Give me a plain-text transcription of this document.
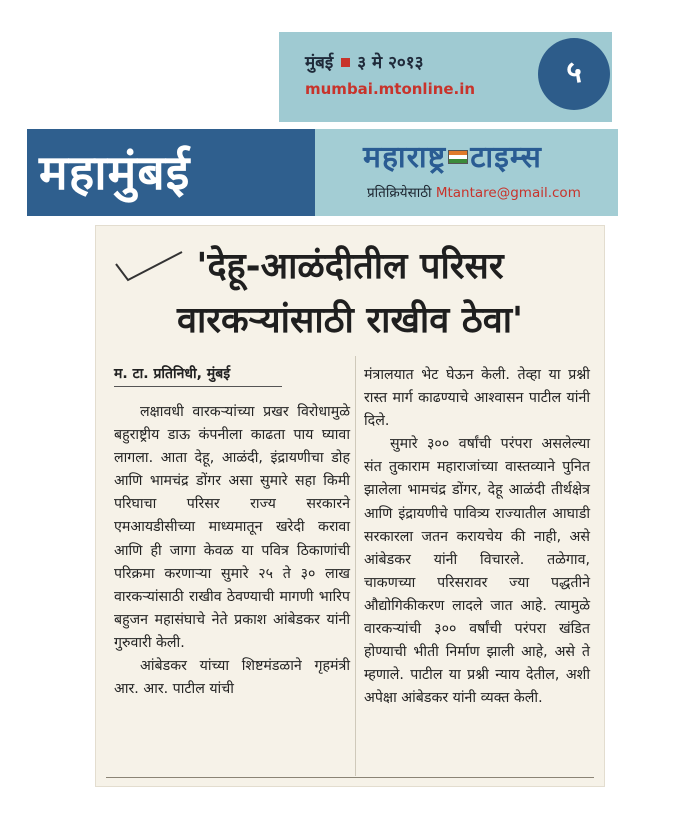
मुंबई ३ मे २०१३
mumbai.mtonline.in	५
महामुंबई	महाराष्ट्र टाइम्स
प्रतिक्रियेसाठी Mtantare@gmail.com
'देहू-आळंदीतील परिसर
वारकऱ्यांसाठी राखीव ठेवा'
म. टा. प्रतिनिधी, मुंबई

लक्षावधी वारकऱ्यांच्या प्रखर विरोधामुळे बहुराष्ट्रीय डाऊ कंपनीला काढता पाय घ्यावा लागला. आता देहू, आळंदी, इंद्रायणीचा डोह आणि भामचंद्र डोंगर असा सुमारे सहा किमी परिघाचा परिसर राज्य सरकारने एमआयडीसीच्या माध्यमातून खरेदी करावा आणि ही जागा केवळ या पवित्र ठिकाणांची परिक्रमा करणाऱ्या सुमारे २५ ते ३० लाख वारकऱ्यांसाठी राखीव ठेवण्याची मागणी भारिप बहुजन महासंघाचे नेते प्रकाश आंबेडकर यांनी गुरुवारी केली.

आंबेडकर यांच्या शिष्टमंडळाने गृहमंत्री आर. आर. पाटील यांची

मंत्रालयात भेट घेऊन केली. तेव्हा या प्रश्नी रास्त मार्ग काढण्याचे आश्वासन पाटील यांनी दिले.

सुमारे ३०० वर्षांची परंपरा असलेल्या संत तुकाराम महाराजांच्या वास्तव्याने पुनित झालेला भामचंद्र डोंगर, देहू आळंदी तीर्थक्षेत्र आणि इंद्रायणीचे पावित्र्य राज्यातील आघाडी सरकारला जतन करायचेय की नाही, असे आंबेडकर यांनी विचारले. तळेगाव, चाकणच्या परिसरावर ज्या पद्धतीने औद्योगिकीकरण लादले जात आहे. त्यामुळे वारकऱ्यांची ३०० वर्षांची परंपरा खंडित होण्याची भीती निर्माण झाली आहे, असे ते म्हणाले. पाटील या प्रश्नी न्याय देतील, अशी अपेक्षा आंबेडकर यांनी व्यक्त केली.
